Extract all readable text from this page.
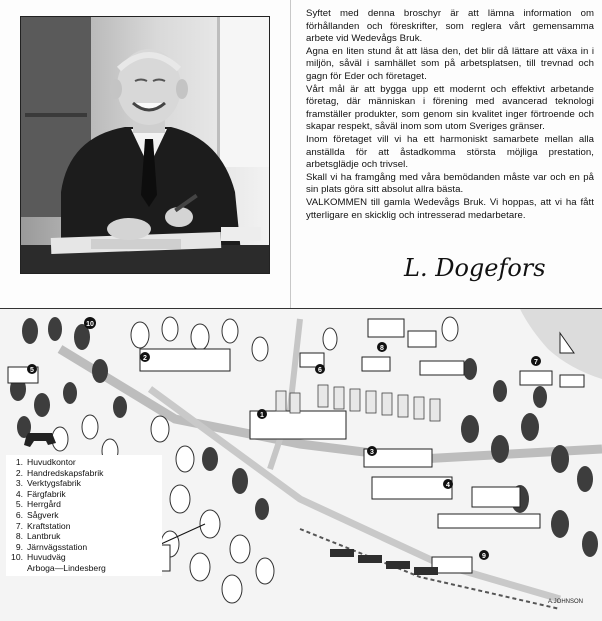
Syftet med denna broschyr är att lämna information om förhållanden och föreskrifter, som reglera vårt gemensamma arbete vid Wedevågs Bruk.

Agna en liten stund åt att läsa den, det blir då lättare att växa in i miljön, såväl i samhället som på arbetsplatsen, till trevnad och gagn för Eder och företaget.

Vårt mål är att bygga upp ett modernt och effektivt arbetande företag, där människan i förening med avancerad teknologi framställer produkter, som genom sin kvalitet inger förtroende och skapar respekt, såväl inom som utom Sveriges gränser.

Inom företaget vill vi ha ett harmoniskt samarbete mellan alla anställda för att åstadkomma största möjliga prestation, arbetsglädje och trivsel.

Skall vi ha framgång med våra bemödanden måste var och en på sin plats göra sitt absolut allra bästa.

VALKOMMEN till gamla Wedevågs Bruk. Vi hoppas, att vi ha fått ytterligare en skicklig och intresserad medarbetare.

L. Dogefors
1
2
3
4
5	6
7
8
9
10
A.JOHNSON
1. Huvudkontor
2. Handredskapsfabrik
3. Verktygsfabrik
4. Färgfabrik
5. Herrgård
6. Sågverk
7. Kraftstation
8. Lantbruk
9. Järnvägsstation
10. Huvudväg
Arboga—Lindesberg
